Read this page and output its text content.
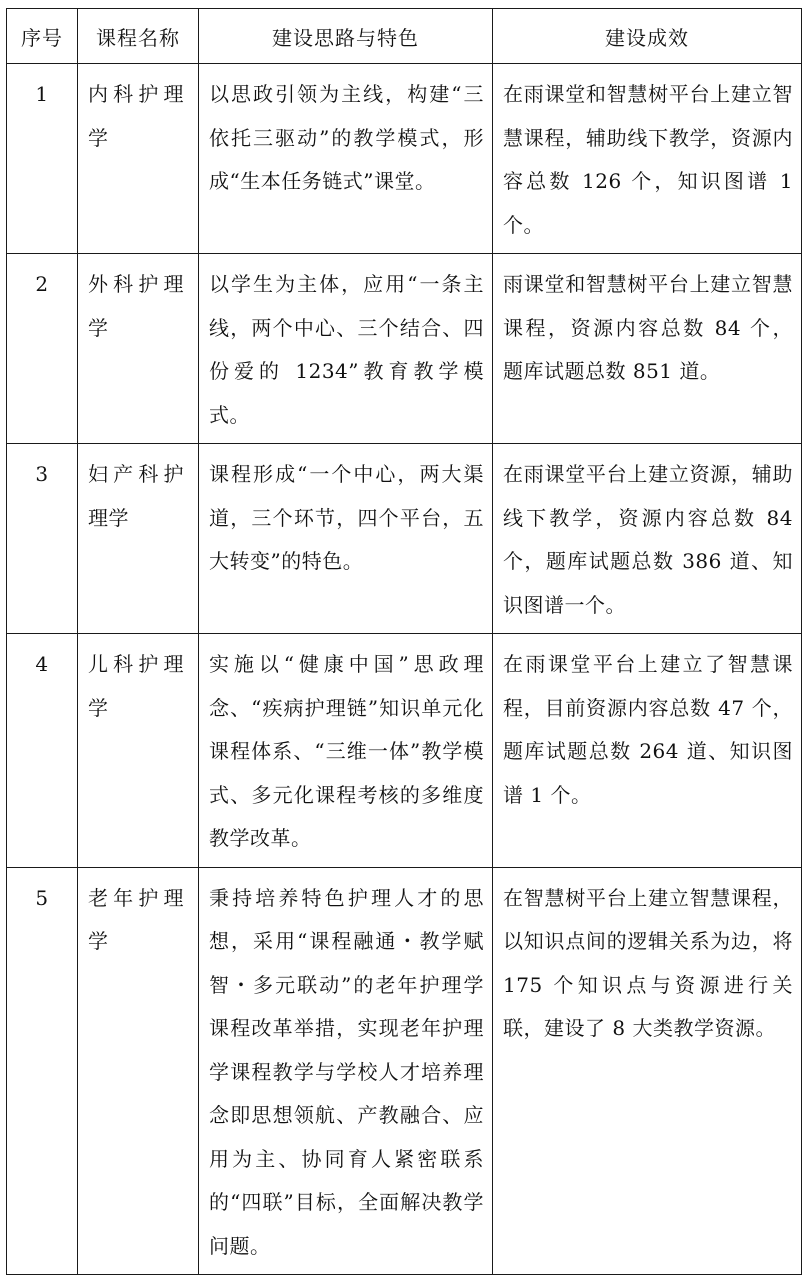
序号	课程名称	建设思路与特色	建设成效

1	内科护理学	以思政引领为主线，构建“三依托三驱动”的教学模式，形成“生本任务链式”课堂。	在雨课堂和智慧树平台上建立智慧课程，辅助线下教学，资源内容总数 126 个，知识图谱 1 个。

2	外科护理学	以学生为主体，应用“一条主线，两个中心、三个结合、四份爱的 1234”教育教学模式。	雨课堂和智慧树平台上建立智慧课程，资源内容总数 84 个， 题库试题总数 851 道。

3	妇产科护理学	课程形成“一个中心，两大渠道，三个环节，四个平台，五大转变”的特色。	在雨课堂平台上建立资源，辅助线下教学，资源内容总数 84 个，题库试题总数 386 道、知识图谱一个。

4	儿科护理学	实施以“健康中国”思政理念、“疾病护理链”知识单元化课程体系、“三维一体”教学模式、多元化课程考核的多维度教学改革。	在雨课堂平台上建立了智慧课程，目前资源内容总数 47 个，题库试题总数 264 道、知识图谱 1 个。

5	老年护理学	秉持培养特色护理人才的思想，采用“课程融通・教学赋智・多元联动”的老年护理学课程改革举措，实现老年护理学课程教学与学校人才培养理念即思想领航、产教融合、应用为主、协同育人紧密联系的“四联”目标，全面解决教学问题。	在智慧树平台上建立智慧课程，以知识点间的逻辑关系为边，将 175 个知识点与资源进行关联，建设了 8 大类教学资源。
